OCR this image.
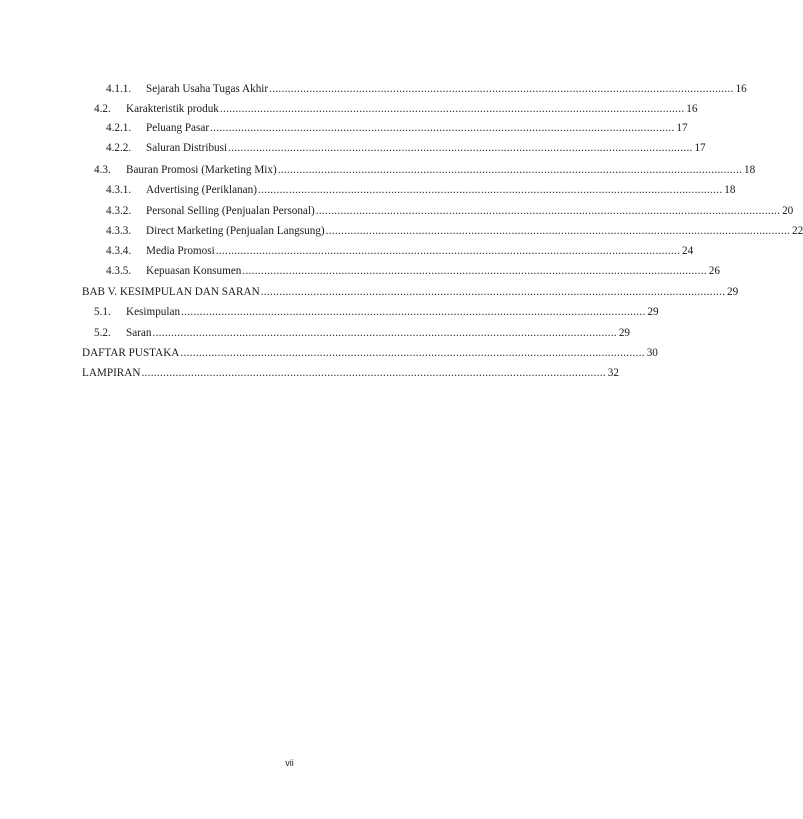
4.1.1. Sejarah Usaha Tugas Akhir ...................................................................................................................................................... 16
4.2. Karakteristik produk ...................................................................................................................................................... 16
4.2.1. Peluang Pasar ...................................................................................................................................................... 17
4.2.2. Saluran Distribusi ...................................................................................................................................................... 17
4.3. Bauran Promosi (Marketing Mix) ...................................................................................................................................................... 18
4.3.1. Advertising (Periklanan) ...................................................................................................................................................... 18
4.3.2. Personal Selling (Penjualan Personal) ...................................................................................................................................................... 20
4.3.3. Direct Marketing (Penjualan Langsung) ...................................................................................................................................................... 22
4.3.4. Media Promosi ...................................................................................................................................................... 24
4.3.5. Kepuasan Konsumen ...................................................................................................................................................... 26
BAB V. KESIMPULAN DAN SARAN ...................................................................................................................................................... 29
5.1. Kesimpulan ...................................................................................................................................................... 29
5.2. Saran ...................................................................................................................................................... 29
DAFTAR PUSTAKA ...................................................................................................................................................... 30
LAMPIRAN ...................................................................................................................................................... 32
vii
